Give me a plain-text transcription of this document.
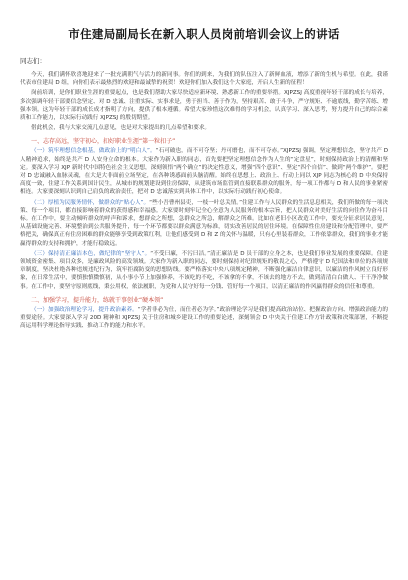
市住建局副局长在新入职人员岗前培训会议上的讲话
同志们：
今天，我们满怀欣喜地迎来了一批充满朝气与活力的新同事。你们的到来，为我们的队伍注入了新鲜血液，增添了新的生机与希望。在此，我谨代表市住建局 D 组，向你们表示最热烈的欢迎和最诚挚的祝贺！欢迎你们加入我们这个大家庭，开启人生新的征程！
岗前培训，是你们职业生涯的重要起点，也是我们帮助大家尽快适应新环境、熟悉新工作的重要举措。XJPZSJ 高度重视年轻干部的成长与培养，多次强调年轻干部要信念坚定、对 D 忠诚、注重实际、实事求是，勇于担当、善于作为，坚持艰苦、敢于斗争，严守规矩、不逾底线，勤学苦练、增强本领。这为年轻干部的成长成才指明了方向，提供了根本遵循。希望大家珍惜这次难得的学习机会，认真学习、深入思考，努力提升自己的综合素质和工作能力，以实际行动践行 XJPZSJ 的殷切期望。
借此机会，我与大家交流几点意见，也是对大家提出的几点希望和要求。
一、志存高远，坚守初心，扣好职业生涯“第一粒扣子”
（一）筑牢理想信念根基，做政治上的“明白人”。“石可破也，而不可夺坚；丹可磨也，而不可夺赤。”XJPZSJ 强调，坚定理想信念，坚守共产 D 人精神追求，始终是共产 D 人安身立命的根本。大家作为新入职的同志，首先要把坚定理想信念作为人生的“定盘星”，时刻保持政治上的清醒和坚定。要深入学习 XJP 新时代中国特色社会主义思想，深刻领悟“两个确立”的决定性意义，增强“四个意识”、坚定“四个自信”、做到“两个维护”。要把对 D 忠诚融入血脉灵魂，在大是大非面前立场坚定，在各种诱惑面前头脑清醒。始终在思想上、政治上、行动上同以 XJP 同志为核心的 D 中央保持高度一致，住建工作关系到国计民生，从城市的规划建设到住房保障，从建筑市场监管到直接联系群众的服务，每一项工作都与 D 和人民的事业紧密相连。大家要深刻认识到自己肩负的政治责任，把对 D 忠诚落实到具体工作中，以实际行动践行初心使命。
（二）厚植为民服务情怀，做群众的“贴心人”。“些小吾曹州县吏，一枝一叶总关情。”住建工作与人民群众的生活息息相关，我们所做的每一项决策、每一个项目，都直接影响着群众的获得感和幸福感。大家要时刻牢记全心全意为人民服务的根本宗旨，把人民群众对美好生活的向往作为奋斗目标。在工作中，要主动倾听群众的呼声和诉求，想群众之所想，急群众之所急，解群众之所难。比如在老旧小区改造工作中，要充分征求居民意见，从基础设施完善、环境整治到公共服务提升，每一个环节都要以群众满意为标准，切实改善居民的居住环境。在保障性住房建设和分配管理中，要严格把关，确保真正有住房困难的群众能够享受到政策红利，让他们感受到 D 和 Z 的关怀与温暖，只有心里装着群众，工作依靠群众，我们的事业才能赢得群众的支持和拥护，才能行稳致远。
（三）保持清正廉洁本色，做纪律的“坚守人”。“不受曰廉，不污曰洁。”清正廉洁是 D 员干部的立身之本，也是我们事业发展的重要保障。住建领域资金密集、项目众多，是廉政风险的高发领域。大家作为新入职的同志，要时刻保持对纪律规矩的敬畏之心，严格遵守 D 纪国法和单位的各项规章制度，坚决杜绝各种违规违纪行为，筑牢拒腐防变的思想防线。要严格落实中央八项规定精神，不断强化廉洁自律意识，以廉洁的作风树立良好形象，在日常生活中，要慎独慎微慎初，从小事小节上加强修养，不该吃的不吃，不该拿的不拿，不该去的地方不去，做到清清白白做人、干干净净做事。在工作中，要坚守原则底线，秉公用权，依法履职，为党和人民守好每一分钱、管好每一个项目，以清正廉洁的作风赢得群众的信任和尊重。
二、加强学习，提升能力，练就干事创业“硬本领”
（一）加强政治理论学习，提升政治素养。“学者非必为仕，而仕者必为学。”政治理论学习是我们提高政治站位、把握政治方向、增强政治能力的重要途径。大家要深入学习 20D 精神和 XJPZSJ 关于住房和城乡建设工作的重要论述，深刻领会 D 中央关于住建工作方针政策和决策部署，不断提高运用科学理论指导实践、推动工作的能力和水平。
